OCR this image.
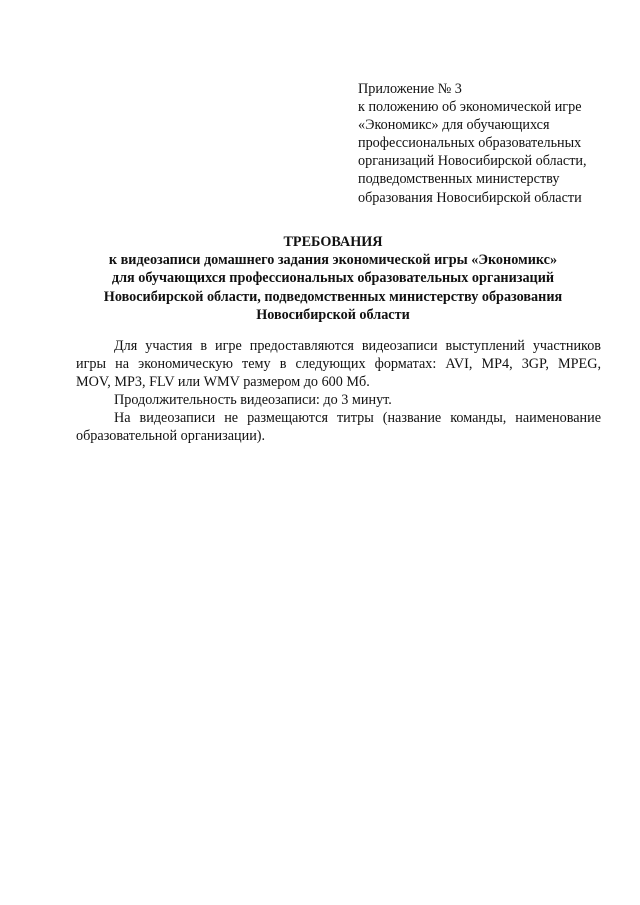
Приложение № 3
к положению об экономической игре
«Экономикс» для обучающихся
профессиональных образовательных
организаций Новосибирской области,
подведомственных министерству
образования Новосибирской области
ТРЕБОВАНИЯ
к видеозаписи домашнего задания экономической игры «Экономикс»
для обучающихся профессиональных образовательных организаций
Новосибирской области, подведомственных министерству образования
Новосибирской области
Для участия в игре предоставляются видеозаписи выступлений участников
игры на экономическую тему в следующих форматах: AVI, MP4, 3GP, MPEG,
MOV, MP3, FLV или WMV размером до 600 Мб.
Продолжительность видеозаписи: до 3 минут.
На видеозаписи не размещаются титры (название команды, наименование
образовательной организации).
